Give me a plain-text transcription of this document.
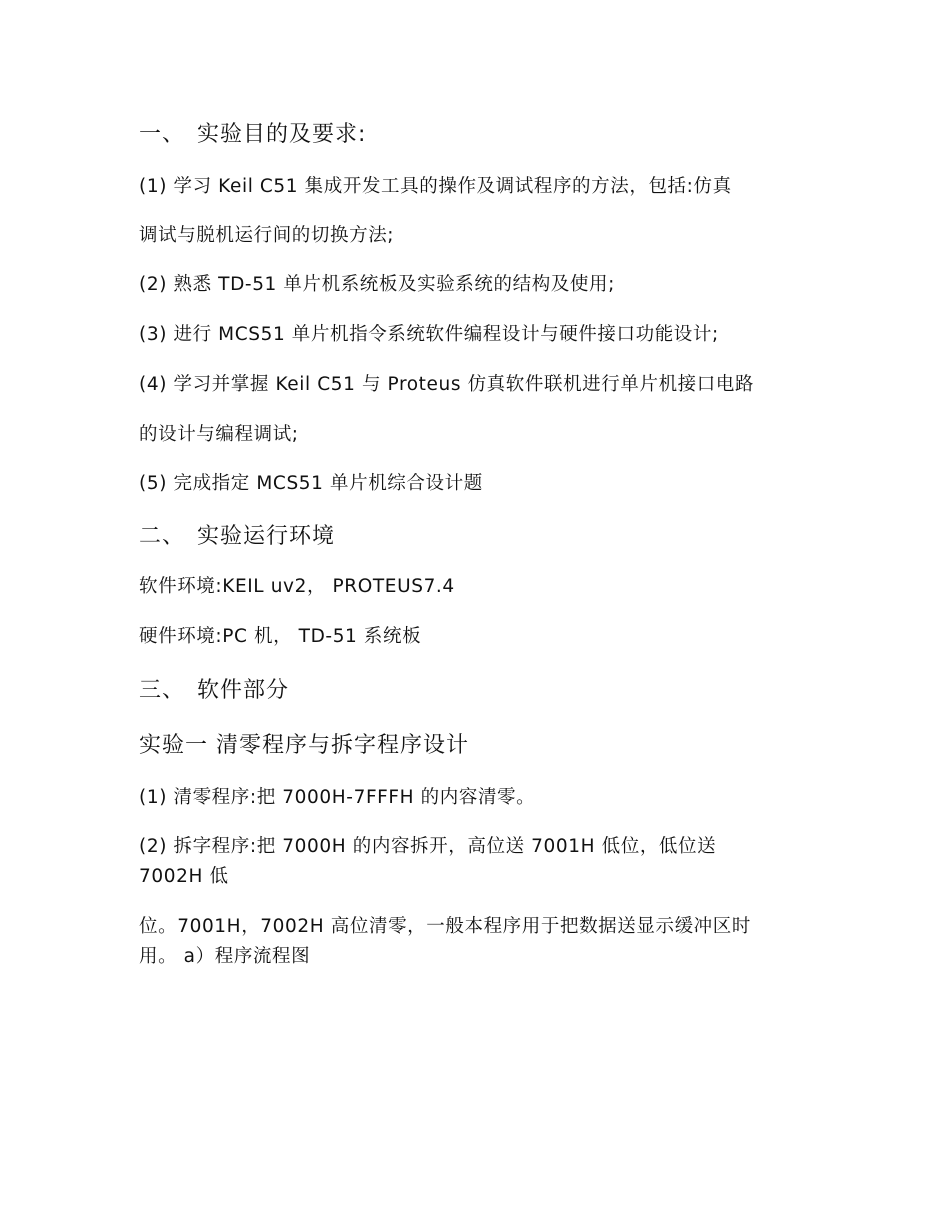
一、 实验目的及要求:

(1) 学习 Keil C51 集成开发工具的操作及调试程序的方法，包括:仿真

调试与脱机运行间的切换方法;

(2) 熟悉 TD-51 单片机系统板及实验系统的结构及使用;

(3) 进行 MCS51 单片机指令系统软件编程设计与硬件接口功能设计;

(4) 学习并掌握 Keil C51 与 Proteus 仿真软件联机进行单片机接口电路

的设计与编程调试;

(5) 完成指定 MCS51 单片机综合设计题

二、 实验运行环境

软件环境:KEIL uv2， PROTEUS7.4

硬件环境:PC 机， TD-51 系统板

三、 软件部分
实验一 清零程序与拆字程序设计

(1) 清零程序:把 7000H-7FFFH 的内容清零。

(2) 拆字程序:把 7000H 的内容拆开，高位送 7001H 低位，低位送

7002H 低

位。7001H，7002H 高位清零，一般本程序用于把数据送显示缓冲区时

用。 a）程序流程图
